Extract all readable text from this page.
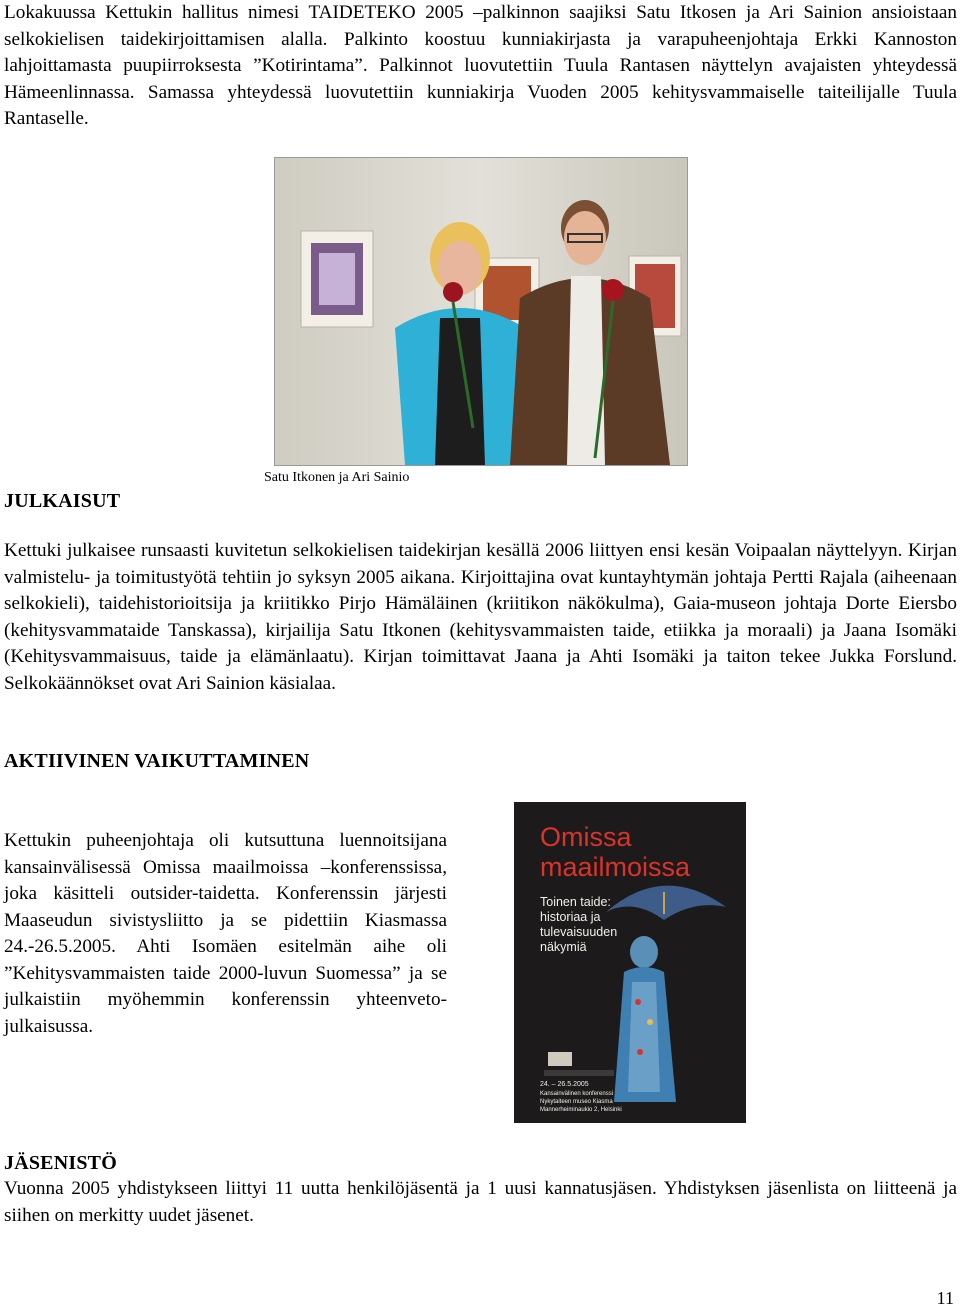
Lokakuussa Kettukin hallitus nimesi TAIDETEKO 2005 –palkinnon saajiksi Satu Itkosen ja Ari Sainion ansioistaan selkokielisen taidekirjoittamisen alalla. Palkinto koostuu kunniakirjasta ja varapuheenjohtaja Erkki Kannoston lahjoittamasta puupiirroksesta ”Kotirintama”. Palkinnot luovutettiin Tuula Rantasen näyttelyn avajaisten yhteydessä Hämeenlinnassa. Samassa yhteydessä luovutettiin kunniakirja Vuoden 2005 kehitysvammaiselle taiteilijalle Tuula Rantaselle.

Satu Itkonen ja Ari Sainio

JULKAISUT

Kettuki julkaisee runsaasti kuvitetun selkokielisen taidekirjan kesällä 2006 liittyen ensi kesän Voipaalan näyttelyyn. Kirjan valmistelu- ja toimitustyötä tehtiin jo syksyn 2005 aikana. Kirjoittajina ovat kuntayhtymän johtaja Pertti Rajala (aiheenaan selkokieli), taidehistorioitsija ja kriitikko Pirjo Hämäläinen (kriitikon näkökulma), Gaia-museon johtaja Dorte Eiersbo (kehitysvammataide Tanskassa), kirjailija Satu Itkonen (kehitysvammaisten taide, etiikka ja moraali) ja Jaana Isomäki (Kehitysvammaisuus, taide ja elämänlaatu). Kirjan toimittavat Jaana ja Ahti Isomäki ja taiton tekee Jukka Forslund. Selkokäännökset ovat Ari Sainion käsialaa.

AKTIIVINEN VAIKUTTAMINEN

Kettukin puheenjohtaja oli kutsuttuna luennoitsijana kansainvälisessä Omissa maailmoissa –konferenssissa, joka käsitteli outsider-taidetta. Konferenssin järjesti Maaseudun sivistysliitto ja se pidettiin Kiasmassa 24.-26.5.2005. Ahti Isomäen esitelmän aihe oli ”Kehitysvammaisten taide 2000-luvun Suomessa” ja se julkaistiin myöhemmin konferenssin yhteenveto-julkaisussa.

Omissa
maailmoissa
Toinen taide:
historiaa ja
tulevaisuuden
näkymiä
24. – 26.5.2005
Kansainvälinen konferenssi
Nykytaiteen museo Kiasma
Mannerheiminaukio 2, Helsinki
JÄSENISTÖ

Vuonna 2005 yhdistykseen liittyi 11 uutta henkilöjäsentä ja 1 uusi kannatusjäsen. Yhdistyksen jäsenlista on liitteenä ja siihen on merkitty uudet jäsenet.

11
